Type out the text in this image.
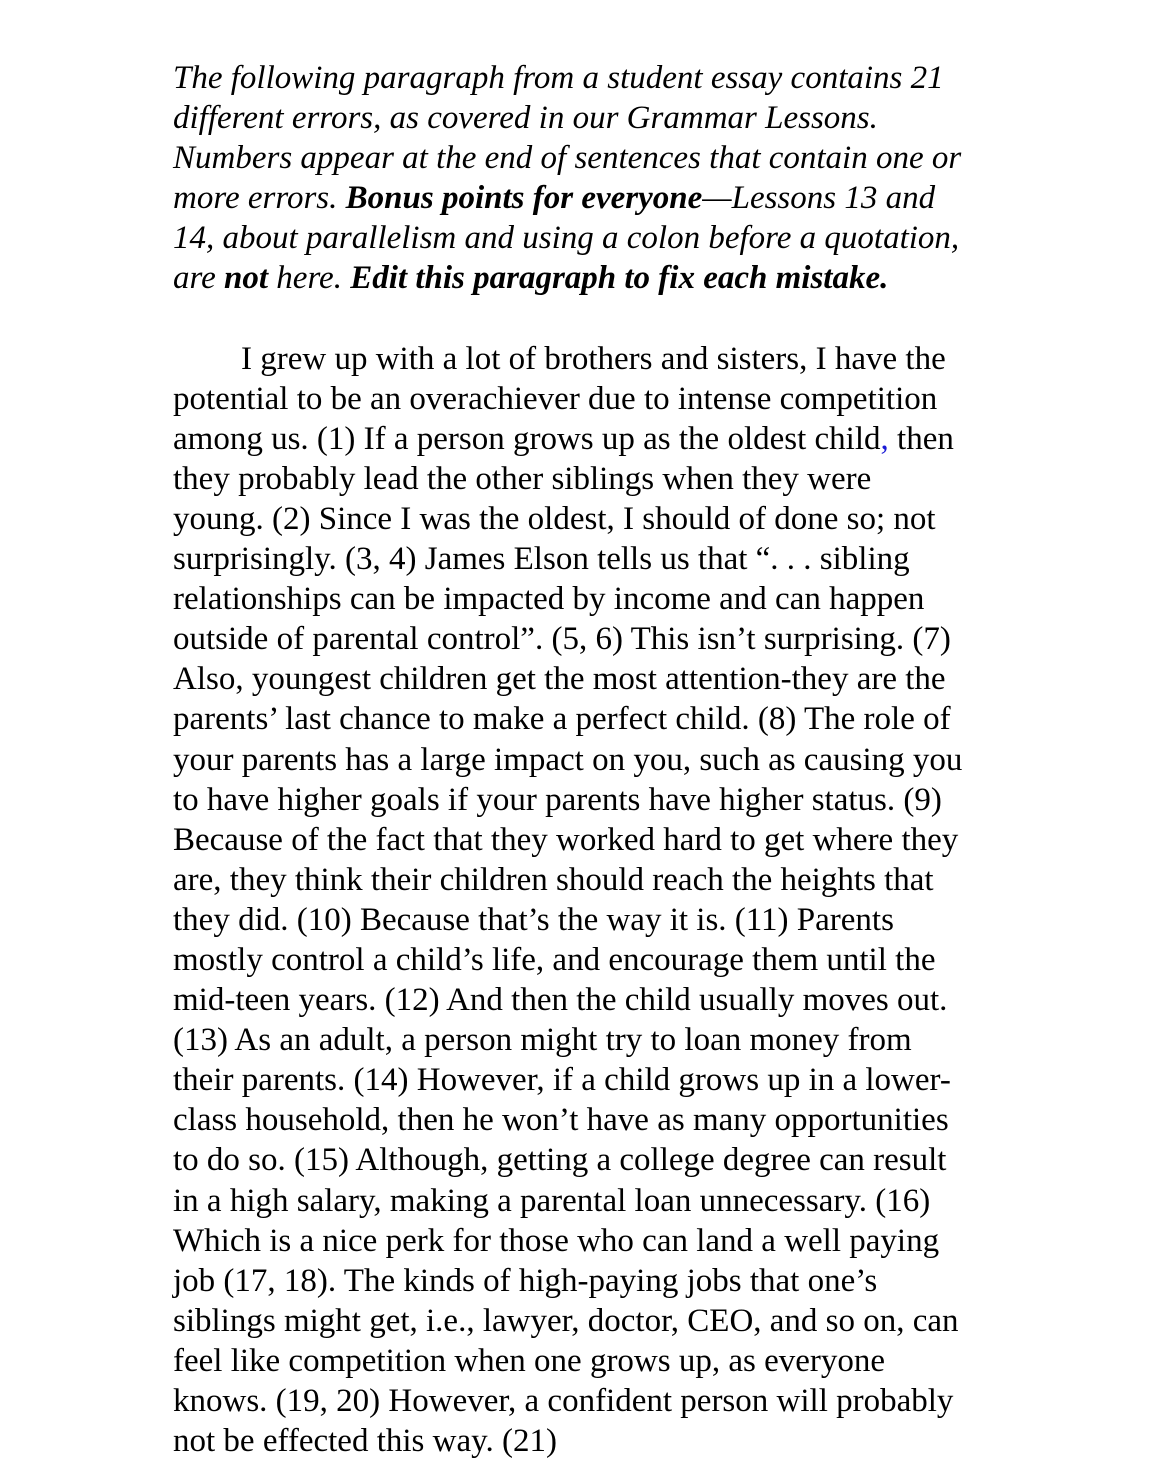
The following paragraph from a student essay contains 21
different errors, as covered in our Grammar Lessons.
Numbers appear at the end of sentences that contain one or
more errors. Bonus points for everyone—Lessons 13 and
14, about parallelism and using a colon before a quotation,
are not here. Edit this paragraph to fix each mistake.

I grew up with a lot of brothers and sisters, I have the
potential to be an overachiever due to intense competition
among us. (1) If a person grows up as the oldest child, then
they probably lead the other siblings when they were
young. (2) Since I was the oldest, I should of done so; not
surprisingly. (3, 4) James Elson tells us that “. . . sibling
relationships can be impacted by income and can happen
outside of parental control”. (5, 6) This isn’t surprising. (7)
Also, youngest children get the most attention-they are the
parents’ last chance to make a perfect child. (8) The role of
your parents has a large impact on you, such as causing you
to have higher goals if your parents have higher status. (9)
Because of the fact that they worked hard to get where they
are, they think their children should reach the heights that
they did. (10) Because that’s the way it is. (11) Parents
mostly control a child’s life, and encourage them until the
mid-teen years. (12) And then the child usually moves out.
(13) As an adult, a person might try to loan money from
their parents. (14) However, if a child grows up in a lower-
class household, then he won’t have as many opportunities
to do so. (15) Although, getting a college degree can result
in a high salary, making a parental loan unnecessary. (16)
Which is a nice perk for those who can land a well paying
job (17, 18). The kinds of high-paying jobs that one’s
siblings might get, i.e., lawyer, doctor, CEO, and so on, can
feel like competition when one grows up, as everyone
knows. (19, 20) However, a confident person will probably
not be effected this way. (21)
